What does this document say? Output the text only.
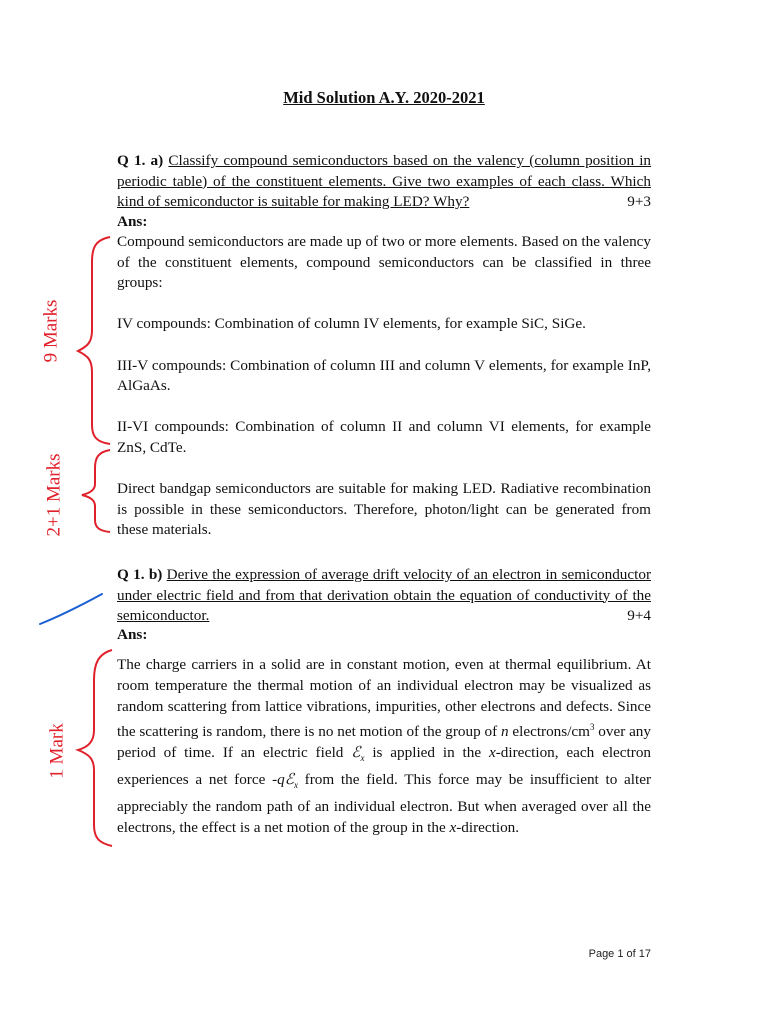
Mid Solution A.Y. 2020-2021
Q 1. a) Classify compound semiconductors based on the valency (column position in periodic table) of the constituent elements. Give two examples of each class. Which kind of semiconductor is suitable for making LED? Why?	9+3
Ans:
Compound semiconductors are made up of two or more elements. Based on the valency of the constituent elements, compound semiconductors can be classified in three groups:
IV compounds: Combination of column IV elements, for example SiC, SiGe.
III-V compounds: Combination of column III and column V elements, for example InP, AlGaAs.
II-VI compounds: Combination of column II and column VI elements, for example ZnS, CdTe.
Direct bandgap semiconductors are suitable for making LED. Radiative recombination is possible in these semiconductors. Therefore, photon/light can be generated from these materials.
Q 1. b) Derive the expression of average drift velocity of an electron in semiconductor under electric field and from that derivation obtain the equation of conductivity of the semiconductor.	9+4
Ans:
The charge carriers in a solid are in constant motion, even at thermal equilibrium. At room temperature the thermal motion of an individual electron may be visualized as random scattering from lattice vibrations, impurities, other electrons and defects. Since the scattering is random, there is no net motion of the group of n electrons/$cm^3$ over any period of time. If an electric field ℰ$_x$ is applied in the x-direction, each electron experiences a net force -qℰ$_x$ from the field. This force may be insufficient to alter appreciably the random path of an individual electron. But when averaged over all the electrons, the effect is a net motion of the group in the x-direction.
9 Marks
2+1 Marks
1 Mark
Page 1 of 17
